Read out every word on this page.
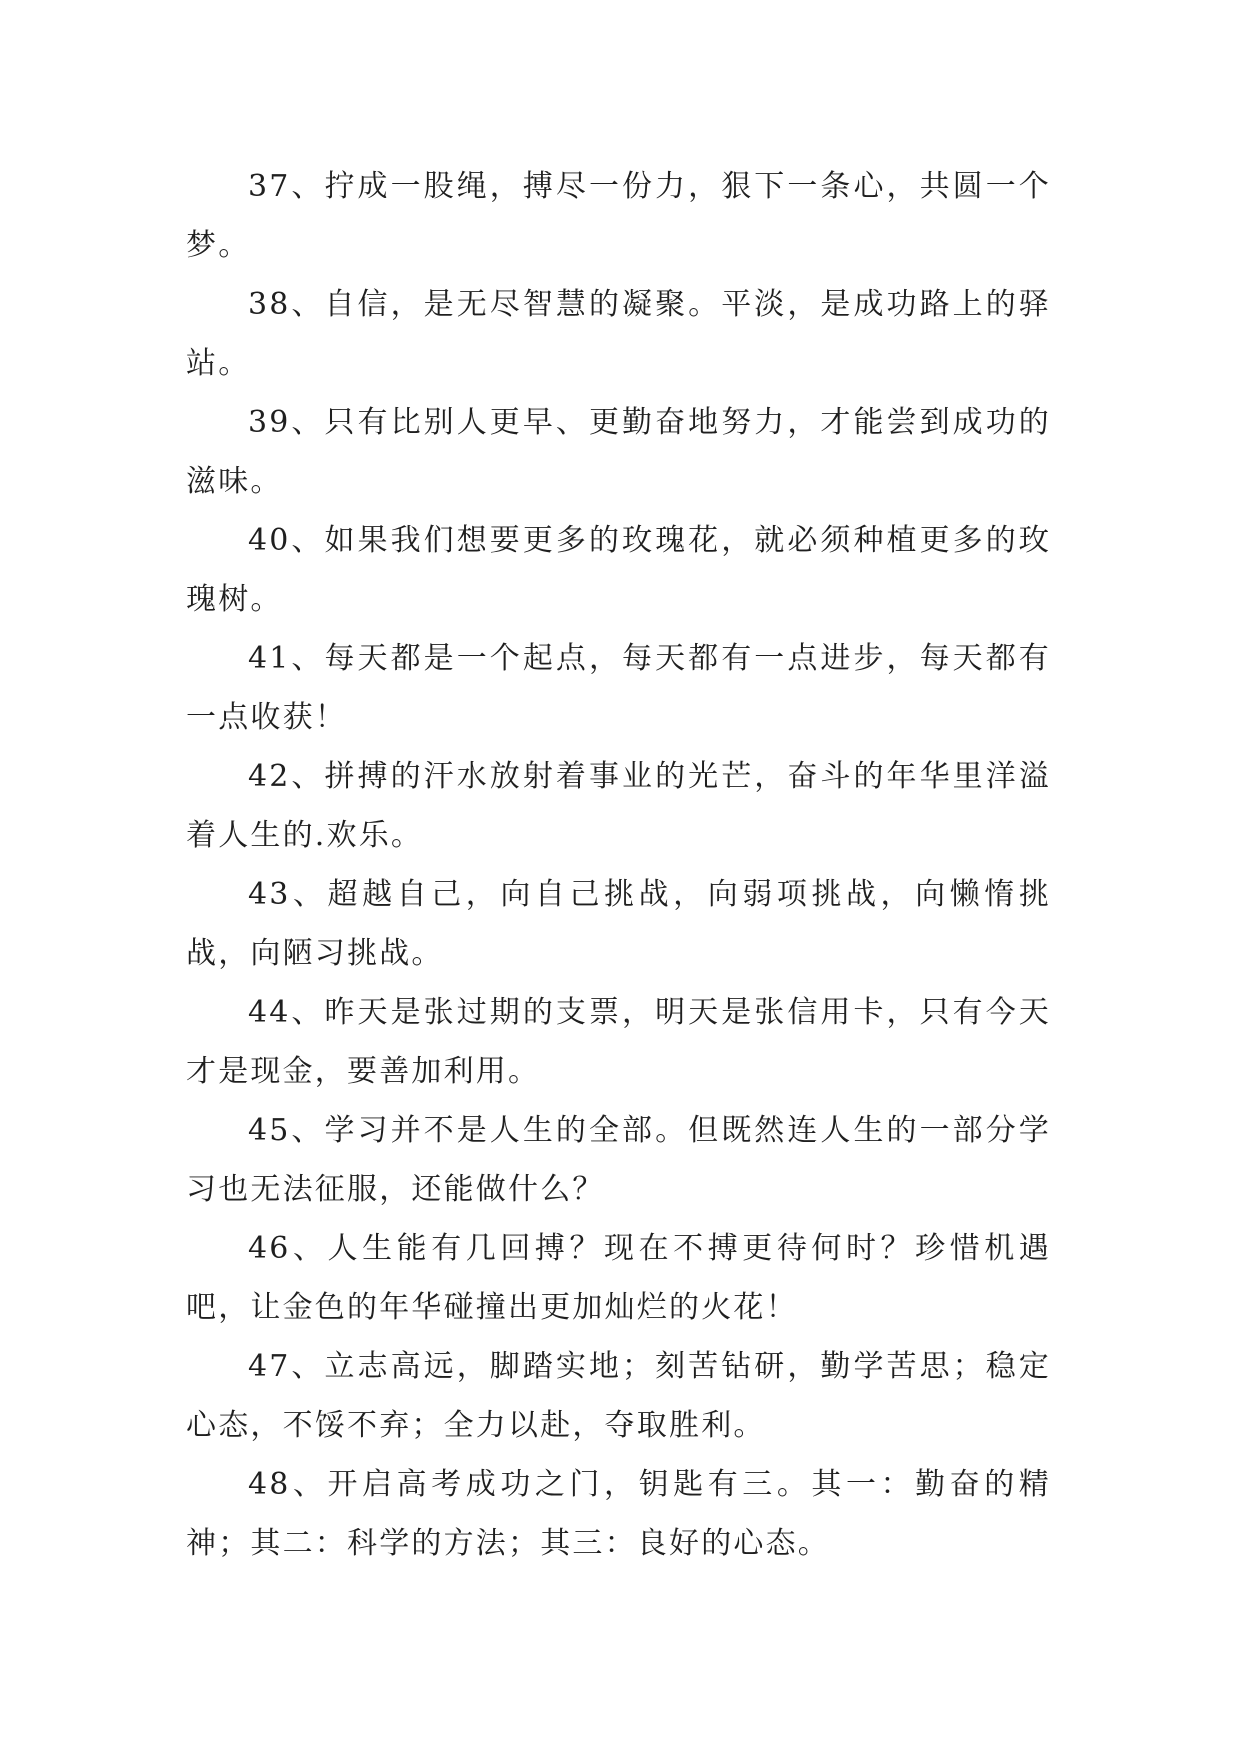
37、拧成一股绳，搏尽一份力，狠下一条心，共圆一个梦。

38、自信，是无尽智慧的凝聚。平淡，是成功路上的驿站。

39、只有比别人更早、更勤奋地努力，才能尝到成功的滋味。

40、如果我们想要更多的玫瑰花，就必须种植更多的玫瑰树。

41、每天都是一个起点，每天都有一点进步，每天都有一点收获！

42、拼搏的汗水放射着事业的光芒，奋斗的年华里洋溢着人生的.欢乐。

43、超越自己，向自己挑战，向弱项挑战，向懒惰挑战，向陋习挑战。

44、昨天是张过期的支票，明天是张信用卡，只有今天才是现金，要善加利用。

45、学习并不是人生的全部。但既然连人生的一部分学习也无法征服，还能做什么？

46、人生能有几回搏？现在不搏更待何时？珍惜机遇吧，让金色的年华碰撞出更加灿烂的火花！

47、立志高远，脚踏实地；刻苦钻研，勤学苦思；稳定心态，不馁不弃；全力以赴，夺取胜利。

48、开启高考成功之门，钥匙有三。其一：勤奋的精神；其二：科学的方法；其三：良好的心态。
